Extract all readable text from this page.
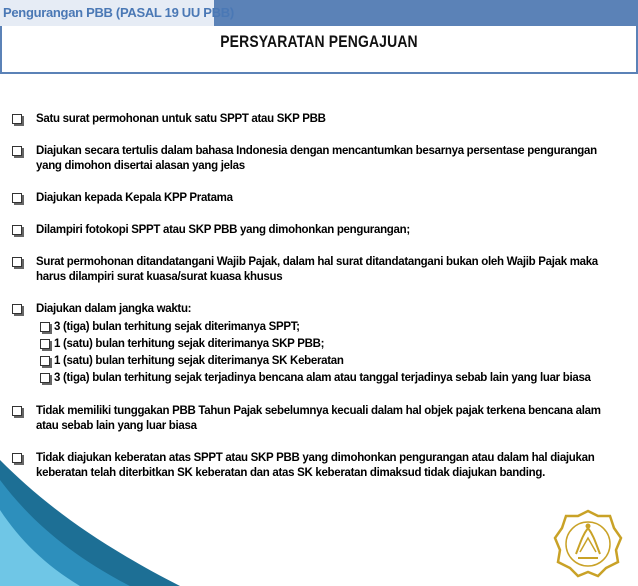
Pengurangan PBB (PASAL 19 UU PBB)
PERSYARATAN PENGAJUAN
Satu surat permohonan untuk satu SPPT atau SKP PBB
Diajukan secara tertulis dalam bahasa Indonesia dengan mencantumkan besarnya persentase pengurangan yang dimohon disertai alasan yang jelas
Diajukan kepada Kepala KPP Pratama
Dilampiri fotokopi SPPT atau SKP PBB yang dimohonkan pengurangan;
Surat permohonan ditandatangani Wajib Pajak, dalam hal surat ditandatangani bukan oleh Wajib Pajak maka harus dilampiri surat kuasa/surat kuasa khusus
Diajukan dalam jangka waktu:
3 (tiga) bulan terhitung sejak diterimanya SPPT;
1 (satu) bulan terhitung sejak diterimanya SKP PBB;
1 (satu) bulan terhitung sejak diterimanya SK Keberatan
3 (tiga) bulan terhitung sejak terjadinya bencana alam atau tanggal terjadinya sebab lain yang luar biasa
Tidak memiliki tunggakan PBB Tahun Pajak sebelumnya kecuali dalam hal objek pajak terkena bencana alam atau sebab lain yang luar biasa
Tidak diajukan keberatan atas SPPT atau SKP PBB yang dimohonkan pengurangan atau dalam hal diajukan keberatan telah diterbitkan SK keberatan dan atas SK keberatan dimaksud tidak diajukan banding.
